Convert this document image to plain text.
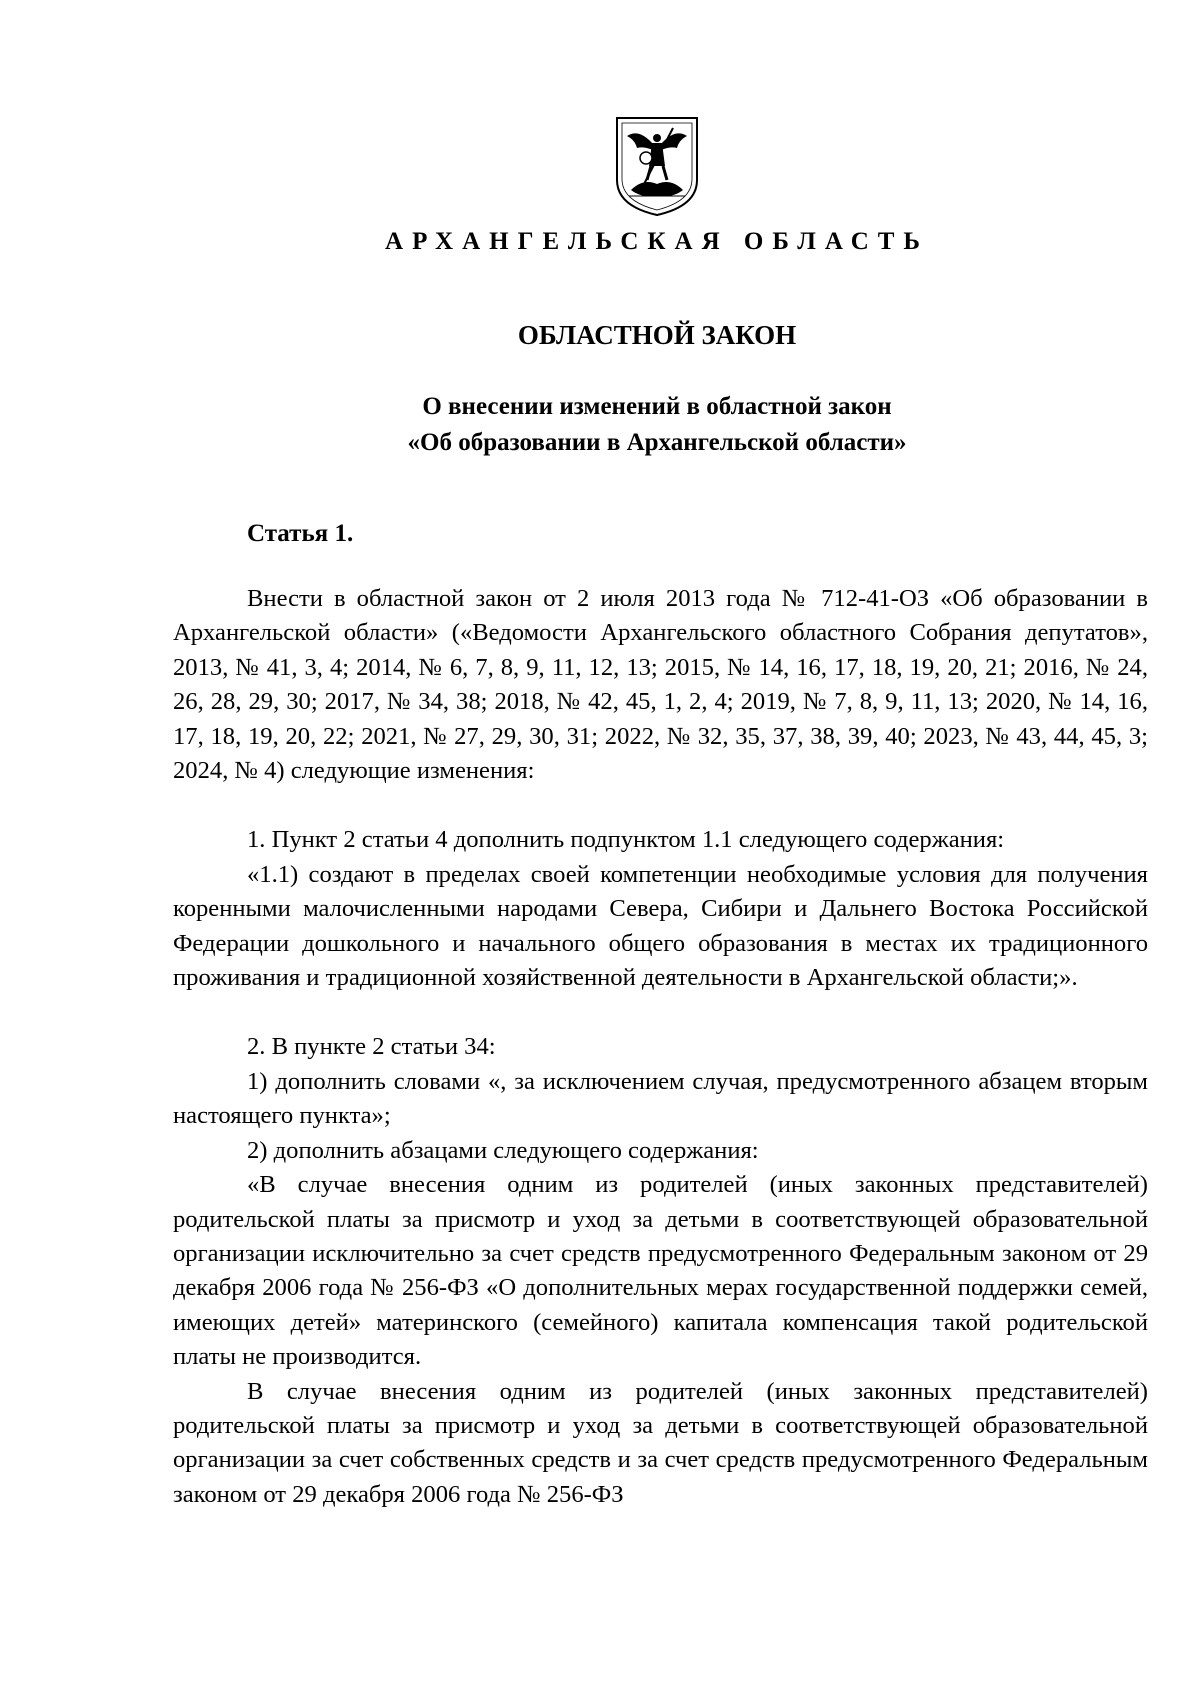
АРХАНГЕЛЬСКАЯ ОБЛАСТЬ
ОБЛАСТНОЙ ЗАКОН
О внесении изменений в областной закон
«Об образовании в Архангельской области»
Статья 1.

Внести в областной закон от 2 июля 2013 года № 712-41-ОЗ «Об образовании в Архангельской области» («Ведомости Архангельского областного Собрания депутатов», 2013, № 41, 3, 4; 2014, № 6, 7, 8, 9, 11, 12, 13; 2015, № 14, 16, 17, 18, 19, 20, 21; 2016, № 24, 26, 28, 29, 30; 2017, № 34, 38; 2018, № 42, 45, 1, 2, 4; 2019, № 7, 8, 9, 11, 13; 2020, № 14, 16, 17, 18, 19, 20, 22; 2021, № 27, 29, 30, 31; 2022, № 32, 35, 37, 38, 39, 40; 2023, № 43, 44, 45, 3; 2024, № 4) следующие изменения:

1. Пункт 2 статьи 4 дополнить подпунктом 1.1 следующего содержания:

«1.1) создают в пределах своей компетенции необходимые условия для получения коренными малочисленными народами Севера, Сибири и Дальнего Востока Российской Федерации дошкольного и начального общего образования в местах их традиционного проживания и традиционной хозяйственной деятельности в Архангельской области;».

2. В пункте 2 статьи 34:

1) дополнить словами «, за исключением случая, предусмотренного абзацем вторым настоящего пункта»;

2) дополнить абзацами следующего содержания:

«В случае внесения одним из родителей (иных законных представителей) родительской платы за присмотр и уход за детьми в соответствующей образовательной организации исключительно за счет средств предусмотренного Федеральным законом от 29 декабря 2006 года № 256-ФЗ «О дополнительных мерах государственной поддержки семей, имеющих детей» материнского (семейного) капитала компенсация такой родительской платы не производится.

В случае внесения одним из родителей (иных законных представителей) родительской платы за присмотр и уход за детьми в соответствующей образовательной организации за счет собственных средств и за счет средств предусмотренного Федеральным законом от 29 декабря 2006 года № 256-ФЗ
